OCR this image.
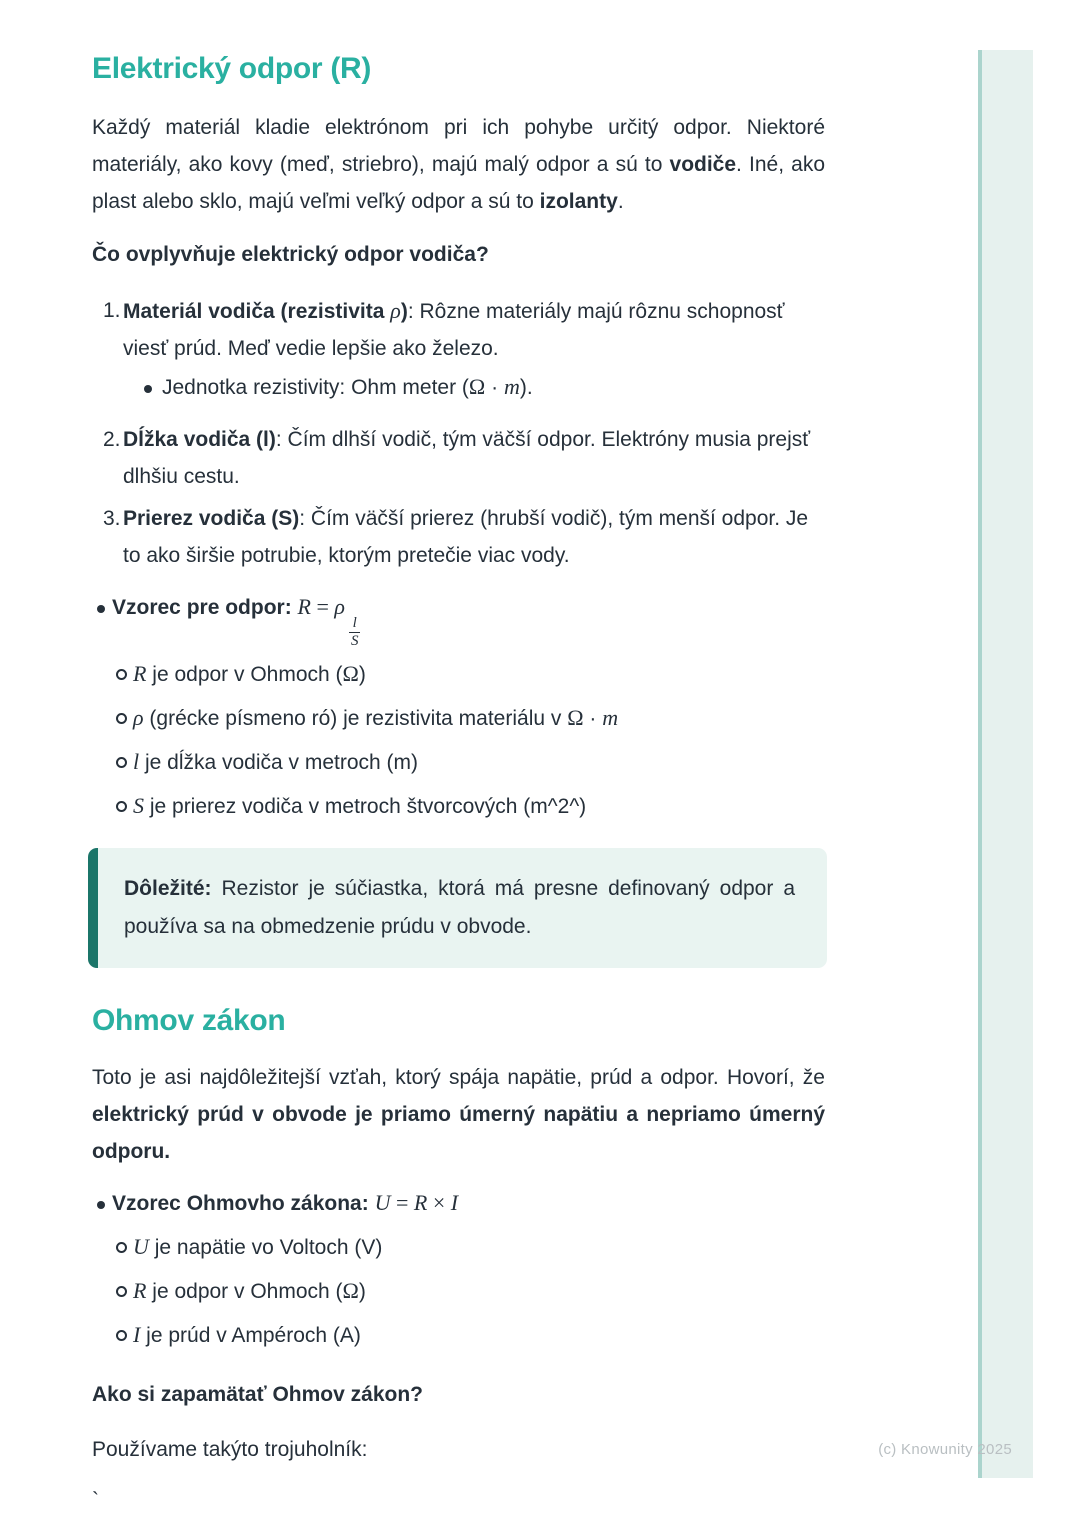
Elektrický odpor (R)

Každý materiál kladie elektrónom pri ich pohybe určitý odpor. Niektoré materiály, ako kovy (meď, striebro), majú malý odpor a sú to vodiče. Iné, ako plast alebo sklo, majú veľmi veľký odpor a sú to izolanty.

Čo ovplyvňuje elektrický odpor vodiča?
1. Materiál vodiča (rezistivita ρ): Rôzne materiály majú rôznu schopnosť viesť prúd. Meď vedie lepšie ako železo.
Jednotka rezistivity: Ohm meter (Ω · m).
2. Dĺžka vodiča (l): Čím dlhší vodič, tým väčší odpor. Elektróny musia prejsť dlhšiu cestu.
3. Prierez vodiča (S): Čím väčší prierez (hrubší vodič), tým menší odpor. Je to ako širšie potrubie, ktorým pretečie viac vody.
Vzorec pre odpor: R = ρ
$\frac{l}{S}$
R je odpor v Ohmoch (Ω)
ρ (grécke písmeno ró) je rezistivita materiálu v Ω · m
l je dĺžka vodiča v metroch (m)
S je prierez vodiča v metroch štvorcových (m^2^)

Dôležité: Rezistor je súčiastka, ktorá má presne definovaný odpor a používa sa na obmedzenie prúdu v obvode.

Ohmov zákon

Toto je asi najdôležitejší vzťah, ktorý spája napätie, prúd a odpor. Hovorí, že elektrický prúd v obvode je priamo úmerný napätiu a nepriamo úmerný odporu.

Vzorec Ohmovho zákona: U = R × I
U je napätie vo Voltoch (V)
R je odpor v Ohmoch (Ω)
I je prúd v Ampéroch (A)
Ako si zapamätať Ohmov zákon?

Používame takýto trojuholník:

`
(c) Knowunity 2025
